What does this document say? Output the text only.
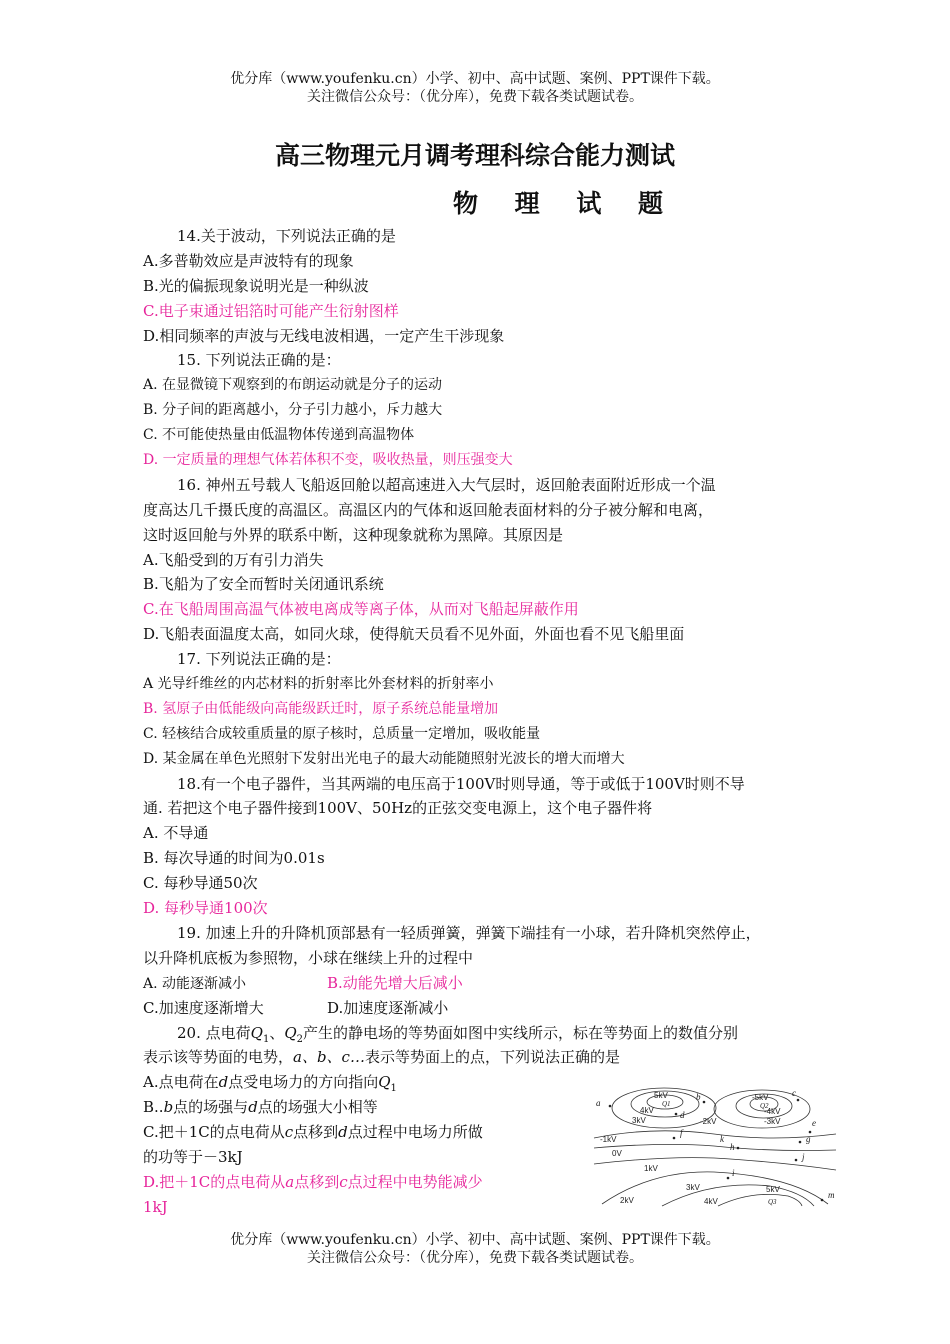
优分库（www.youfenku.cn）小学、初中、高中试题、案例、PPT课件下载。
关注微信公众号：（优分库），免费下载各类试题试卷。
高三物理元月调考理科综合能力测试
物 理 试 题
14.关于波动，下列说法正确的是
A.多普勒效应是声波特有的现象
B.光的偏振现象说明光是一种纵波
C.电子束通过铝箔时可能产生衍射图样
D.相同频率的声波与无线电波相遇，一定产生干涉现象
15. 下列说法正确的是：
A. 在显微镜下观察到的布朗运动就是分子的运动
B. 分子间的距离越小，分子引力越小，斥力越大
C. 不可能使热量由低温物体传递到高温物体
D. 一定质量的理想气体若体积不变，吸收热量，则压强变大
16. 神州五号载人飞船返回舱以超高速进入大气层时，返回舱表面附近形成一个温
度高达几千摄氏度的高温区。高温区内的气体和返回舱表面材料的分子被分解和电离，
这时返回舱与外界的联系中断，这种现象就称为黑障。其原因是
A.飞船受到的万有引力消失
B.飞船为了安全而暂时关闭通讯系统
C.在飞船周围高温气体被电离成等离子体，从而对飞船起屏蔽作用
D.飞船表面温度太高，如同火球，使得航天员看不见外面，外面也看不见飞船里面
17. 下列说法正确的是：
A 光导纤维丝的内芯材料的折射率比外套材料的折射率小
B. 氢原子由低能级向高能级跃迁时，原子系统总能量增加
C. 轻核结合成较重质量的原子核时，总质量一定增加，吸收能量
D. 某金属在单色光照射下发射出光电子的最大动能随照射光波长的增大而增大
18.有一个电子器件，当其两端的电压高于100V时则导通，等于或低于100V时则不导
通. 若把这个电子器件接到100V、50Hz的正弦交变电源上，这个电子器件将
A. 不导通
B. 每次导通的时间为0.01s
C. 每秒导通50次
D. 每秒导通100次
19. 加速上升的升降机顶部悬有一轻质弹簧，弹簧下端挂有一小球，若升降机突然停止，
以升降机底板为参照物，小球在继续上升的过程中
A. 动能逐渐减小	B.动能先增大后减小
C.加速度逐渐增大	D.加速度逐渐减小
20. 点电荷$Q_1$、$Q_2$产生的静电场的等势面如图中实线所示，标在等势面上的数值分别
表示该等势面的电势，a、b、c…表示等势面上的点，下列说法正确的是
A.点电荷在d点受电场力的方向指向$Q_1$
B..b点的场强与d点的场强大小相等
C.把＋1C的点电荷从c点移到d点过程中电场力所做
的功等于－3kJ
D.把＋1C的点电荷从a点移到c点过程中电势能减少
1kJ
5kV
4kV
3kV
2kV
1kV
0V
-1kV
-2kV	-3kV
-4kV
-5kV
3kV
4kV
5kV
a
b	c
d
e
f
g
h
i
j
k
m
Q1	Q2
Q3
优分库（www.youfenku.cn）小学、初中、高中试题、案例、PPT课件下载。
关注微信公众号：（优分库），免费下载各类试题试卷。
